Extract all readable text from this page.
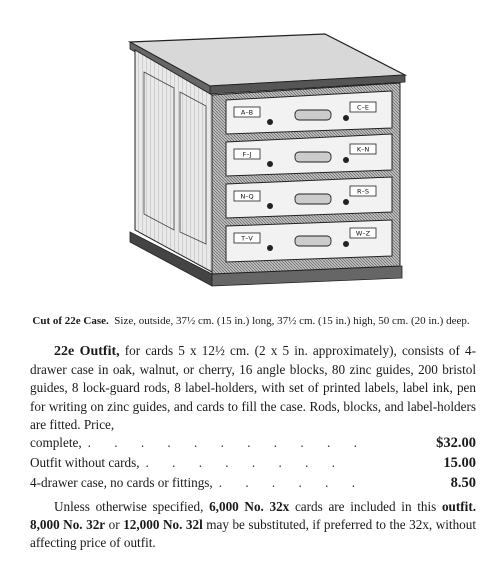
A–B
C–E
F–J
K–N
N–Q
R–S
T–V
W–Z
Cut of 22e Case. Size, outside, 37½ cm. (15 in.) long, 37½ cm. (15 in.) high, 50 cm. (20 in.) deep.

22e Outfit, for cards 5 x 12½ cm. (2 x 5 in. approximately), consists of 4-drawer case in oak, walnut, or cherry, 16 angle blocks, 80 zinc guides, 200 bristol guides, 8 lock-guard rods, 8 label-holders, with set of printed labels, label ink, pen for writing on zinc guides, and cards to fill the case. Rods, blocks, and label-holders are fitted. Price,

complete, . . . . . . . . . . .	$32.00
Outfit without cards, . . . . . . . .	15.00
4-drawer case, no cards or fittings, . . . . . .	8.50

Unless otherwise specified, 6,000 No. 32x cards are included in this outfit. 8,000 No. 32r or 12,000 No. 32l may be substituted, if preferred to the 32x, without affecting price of outfit.
